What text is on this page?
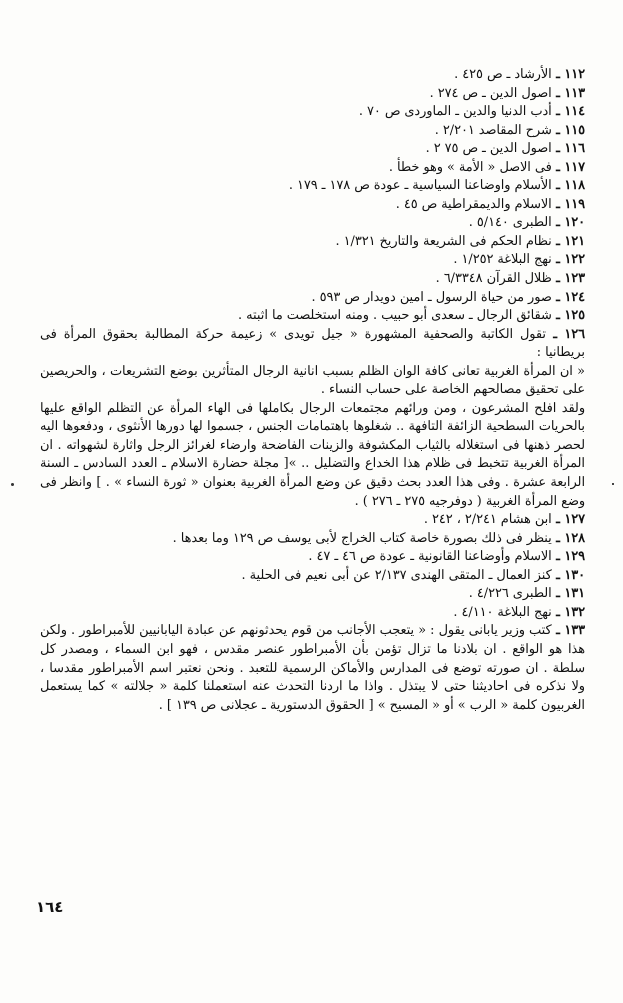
١١٢ ـ الأرشاد ـ ص ٤٢٥ .

١١٣ ـ اصول الدين ـ ص ٢٧٤ .

١١٤ ـ أدب الدنيا والدين ـ الماوردى ص ٧٠ .

١١٥ ـ شرح المقاصد ٢/٢٠١ .

١١٦ ـ اصول الدين ـ ص ٧٥ ٢ .

١١٧ ـ فى الاصل « الأمة » وهو خطأ .

١١٨ ـ الأسلام واوضاعنا السياسية ـ عودة ص ١٧٨ ـ ١٧٩ .

١١٩ ـ الاسلام والديمقراطية ص ٤٥ .

١٢٠ ـ الطبرى ٥/١٤٠ .

١٢١ ـ نظام الحكم فى الشريعة والتاريخ ١/٣٢١ .

١٢٢ ـ نهج البلاغة ١/٢٥٢ .

١٢٣ ـ ظلال القرآن ٦/٣٣٤٨ .

١٢٤ ـ صور من حياة الرسول ـ امين دويدار ص ٥٩٣ .

١٢٥ ـ شقائق الرجال ـ سعدى أبو حبيب . ومنه استخلصت ما اثبته .

١٢٦ ـ تقول الكاتبة والصحفية المشهورة « جيل تويدى » زعيمة حركة المطالبة بحقوق المرأة فى بريطانيا :

« ان المرأة الغربية تعانى كافة الوان الظلم بسبب انانية الرجال المتأثرين بوضع التشريعات ، والحريصين على تحقيق مصالحهم الخاصة على حساب النساء .

ولقد افلح المشرعون ، ومن ورائهم مجتمعات الرجال بكاملها فى الهاء المرأة عن التظلم الواقع عليها بالحريات السطحية الزائفة التافهة .. شغلوها باهتمامات الجنس ، جسموا لها دورها الأنثوى ، ودفعوها اليه لحصر ذهنها فى استغلاله بالثياب المكشوفة والزينات الفاضحة وارضاء لغرائز الرجل واثارة لشهواته . ان المرأة الغربية تتخبط فى ظلام هذا الخداع والتضليل .. »[ مجلة حضارة الاسلام ـ العدد السادس ـ السنة الرابعة عشرة . وفى هذا العدد بحث دقيق عن وضع المرأة الغربية بعنوان « ثورة النساء » . ] وانظر فى وضع المرأة الغربية ( دوفرجيه ٢٧٥ ـ ٢٧٦ ) .

١٢٧ ـ ابن هشام ٢/٢٤١ ، ٢٤٢ .

١٢٨ ـ ينظر فى ذلك بصورة خاصة كتاب الخراج لأبى يوسف ص ١٢٩ وما بعدها .

١٢٩ ـ الاسلام وأوضاعنا القانونية ـ عودة ص ٤٦ ـ ٤٧ .

١٣٠ ـ كنز العمال ـ المتقى الهندى ٢/١٣٧ عن أبى نعيم فى الحلية .

١٣١ ـ الطبرى ٤/٢٢٦ .

١٣٢ ـ نهج البلاغة ٤/١١٠ .

١٣٣ ـ كتب وزير يابانى يقول : « يتعجب الأجانب من قوم يحدثونهم عن عبادة اليابانيين للأمبراطور . ولكن هذا هو الواقع . ان بلادنا ما تزال تؤمن بأن الأمبراطور عنصر مقدس ، فهو ابن السماء ، ومصدر كل سلطة . ان صورته توضع فى المدارس والأماكن الرسمية للتعبد . ونحن نعتبر اسم الأمبراطور مقدسا ، ولا نذكره فى احاديثنا حتى لا يبتذل . واذا ما اردنا التحدث عنه استعملنا كلمة « جلالته » كما يستعمل الغربيون كلمة « الرب » أو « المسيح » [ الحقوق الدستورية ـ عجلانى ص ١٣٩ ] .

١٦٤
